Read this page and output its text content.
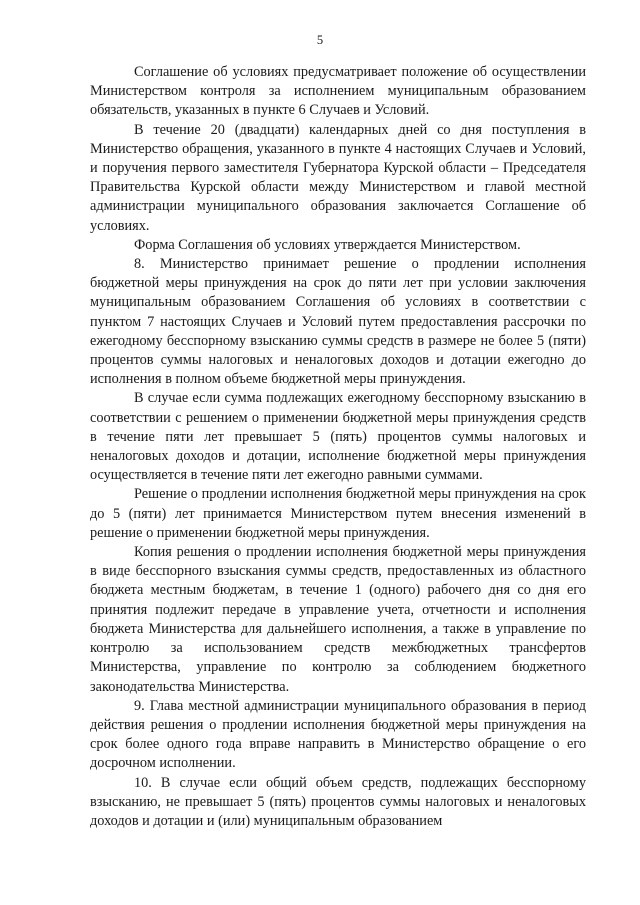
5

Соглашение об условиях предусматривает положение об осуществлении Министерством контроля за исполнением муниципальным образованием обязательств, указанных в пункте 6 Случаев и Условий.

В течение 20 (двадцати) календарных дней со дня поступления в Министерство обращения, указанного в пункте 4 настоящих Случаев и Условий, и поручения первого заместителя Губернатора Курской области – Председателя Правительства Курской области между Министерством и главой местной администрации муниципального образования заключается Соглашение об условиях.

Форма Соглашения об условиях утверждается Министерством.

8. Министерство принимает решение о продлении исполнения бюджетной меры принуждения на срок до пяти лет при условии заключения муниципальным образованием Соглашения об условиях в соответствии с пунктом 7 настоящих Случаев и Условий путем предоставления рассрочки по ежегодному бесспорному взысканию суммы средств в размере не более 5 (пяти) процентов суммы налоговых и неналоговых доходов и дотации ежегодно до исполнения в полном объеме бюджетной меры принуждения.

В случае если сумма подлежащих ежегодному бесспорному взысканию в соответствии с решением о применении бюджетной меры принуждения средств в течение пяти лет превышает 5 (пять) процентов суммы налоговых и неналоговых доходов и дотации, исполнение бюджетной меры принуждения осуществляется в течение пяти лет ежегодно равными суммами.

Решение о продлении исполнения бюджетной меры принуждения на срок до 5 (пяти) лет принимается Министерством путем внесения изменений в решение о применении бюджетной меры принуждения.

Копия решения о продлении исполнения бюджетной меры принуждения в виде бесспорного взыскания суммы средств, предоставленных из областного бюджета местным бюджетам, в течение 1 (одного) рабочего дня со дня его принятия подлежит передаче в управление учета, отчетности и исполнения бюджета Министерства для дальнейшего исполнения, а также в управление по контролю за использованием средств межбюджетных трансфертов Министерства, управление по контролю за соблюдением бюджетного законодательства Министерства.

9. Глава местной администрации муниципального образования в период действия решения о продлении исполнения бюджетной меры принуждения на срок более одного года вправе направить в Министерство обращение о его досрочном исполнении.

10. В случае если общий объем средств, подлежащих бесспорному взысканию, не превышает 5 (пять) процентов суммы налоговых и неналоговых доходов и дотации и (или) муниципальным образованием
